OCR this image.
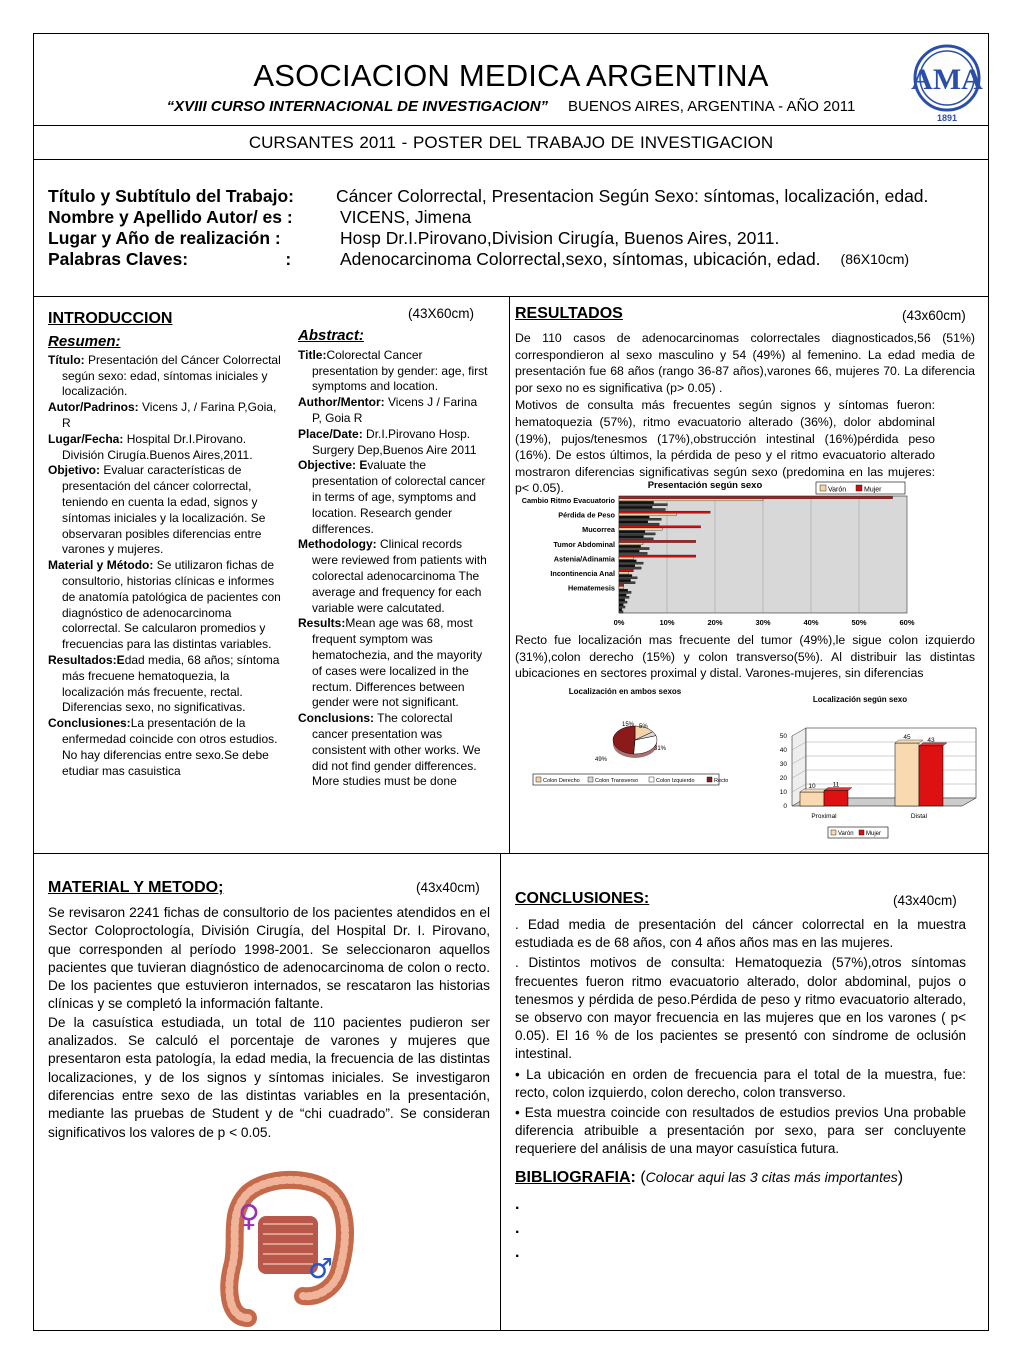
ASOCIACION MEDICA ARGENTINA
“XVIII CURSO INTERNACIONAL DE INVESTIGACION” BUENOS AIRES, ARGENTINA - AÑO 2011
CURSANTES 2011 - POSTER DEL TRABAJO DE INVESTIGACION
AMA
1891
Título y Subtítulo del Trabajo:	Cáncer Colorrectal, Presentacion Según Sexo: síntomas, localización, edad.
Nombre y Apellido Autor/ es :	VICENS, Jimena
Lugar y Año de realización :	Hosp Dr.I.Pirovano,Division Cirugía, Buenos Aires, 2011.
Palabras Claves:                    :	Adenocarcinoma Colorrectal,sexo, síntomas, ubicación, edad. (86X10cm)
INTRODUCCION	(43X60cm)
Resumen:

Título: Presentación del Cáncer Colorrectal según sexo: edad, síntomas iniciales y localización.

Autor/Padrinos: Vicens J, / Farina P,Goia, R

Lugar/Fecha: Hospital Dr.I.Pirovano. División Cirugía.Buenos Aires,2011.

Objetivo: Evaluar características de presentación del cáncer colorrectal, teniendo en cuenta la edad, signos y síntomas iniciales y la localización. Se observaran posibles diferencias entre varones y mujeres.

Material y Método: Se utilizaron fichas de consultorio, historias clínicas e informes de anatomía patológica de pacientes con diagnóstico de adenocarcinoma colorrectal. Se calcularon promedios y frecuencias para las distintas variables.

Resultados:Edad media, 68 años; síntoma más frecuene hematoquezia, la localización más frecuente, rectal. Diferencias sexo, no significativas.

Conclusiones:La presentación de la enfermedad coincide con otros estudios. No hay diferencias entre sexo.Se debe etudiar mas casuistica

Abstract:

Title:Colorectal Cancer presentation by gender: age, first symptoms and location.

Author/Mentor: Vicens J / Farina P, Goia R

Place/Date: Dr.I.Pirovano Hosp. Surgery Dep,Buenos Aire 2011

Objective: Evaluate the presentation of colorectal cancer in terms of age, symptoms and location. Research gender differences.

Methodology: Clinical records were reviewed from patients with colorectal adenocarcinoma The average and frequency for each variable were calcutated.

Results:Mean age was 68, most frequent symptom was hematochezia, and the mayority of cases were localized in the rectum. Differences between gender were not significant.

Conclusions: The colorectal cancer presentation was consistent with other works. We did not find gender differences. More studies must be done

RESULTADOS	(43x60cm)
De 110 casos de adenocarcinomas colorrectales diagnosticados,56 (51%) correspondieron al sexo masculino y 54 (49%) al femenino. La edad media de presentación fue 68 años (rango 36-87 años),varones 66, mujeres 70. La diferencia por sexo no es significativa (p> 0.05) .
Motivos de consulta más frecuentes según signos y síntomas fueron: hematoquezia (57%), ritmo evacuatorio alterado (36%), dolor abdominal (19%), pujos/tenesmos (17%),obstrucción intestinal (16%)pérdida peso (16%). De estos últimos, la pérdida de peso y el ritmo evacuatorio alterado mostraron diferencias significativas según sexo (predomina en las mujeres: p< 0.05).	Presentación según sexo	Varón	Mujer
0%	10%	20%	30%	40%	50%	60%
Cambio Ritmo Evacuatorio
Pérdida de Peso
Mucorrea
Tumor Abdominal
Astenia/Adinamia
Incontinencia Anal
Hematemesis
Recto fue localización mas frecuente del tumor (49%),le sigue colon izquierdo (31%),colon derecho (15%) y colon transverso(5%). Al distribuir las distintas ubicaciones en sectores proximal y distal. Varones-mujeres, sin diferencias
Localización en ambos sexos
15% 5%
31%
49%
Colon Derecho	Colon Transverso	Colon Izquierdo	Recto
Localización según sexo
0
10
20
30
40
50
10	11
Proximal
45	43
Distal
Varón Mujer
MATERIAL Y METODO;	(43x40cm)
Se revisaron 2241 fichas de consultorio de los pacientes atendidos en el Sector Coloproctología, División Cirugía, del Hospital Dr. I. Pirovano, que corresponden al período 1998-2001. Se seleccionaron aquellos pacientes que tuvieran diagnóstico de adenocarcinoma de colon o recto. De los pacientes que estuvieron internados, se rescataron las historias clínicas y se completó la información faltante.
De la casuística estudiada, un total de 110 pacientes pudieron ser analizados. Se calculó el porcentaje de varones y mujeres que presentaron esta patología, la edad media, la frecuencia de las distintas localizaciones, y de los signos y síntomas iniciales. Se investigaron diferencias entre sexo de las distintas variables en la presentación, mediante las pruebas de Student y de “chi cuadrado”. Se consideran significativos los valores de p < 0.05.
♀
♂
CONCLUSIONES:	(43x40cm)
. Edad media de presentación del cáncer colorrectal en la muestra estudiada es de 68 años, con 4 años años mas en las mujeres.
. Distintos motivos de consulta: Hematoquezia (57%),otros síntomas frecuentes fueron ritmo evacuatorio alterado, dolor abdominal, pujos o tenesmos y pérdida de peso.Pérdida de peso y ritmo evacuatorio alterado, se observo con mayor frecuencia en las mujeres que en los varones ( p< 0.05). El 16 % de los pacientes se presentó con síndrome de oclusión intestinal.
• La ubicación en orden de frecuencia para el total de la muestra, fue: recto, colon izquierdo, colon derecho, colon transverso.
• Esta muestra coincide con resultados de estudios previos Una probable diferencia atribuible a presentación por sexo, para ser concluyente requeriere del análisis de una mayor casuística futura.
BIBLIOGRAFIA: (Colocar aqui las 3 citas más importantes)
.
.
.
